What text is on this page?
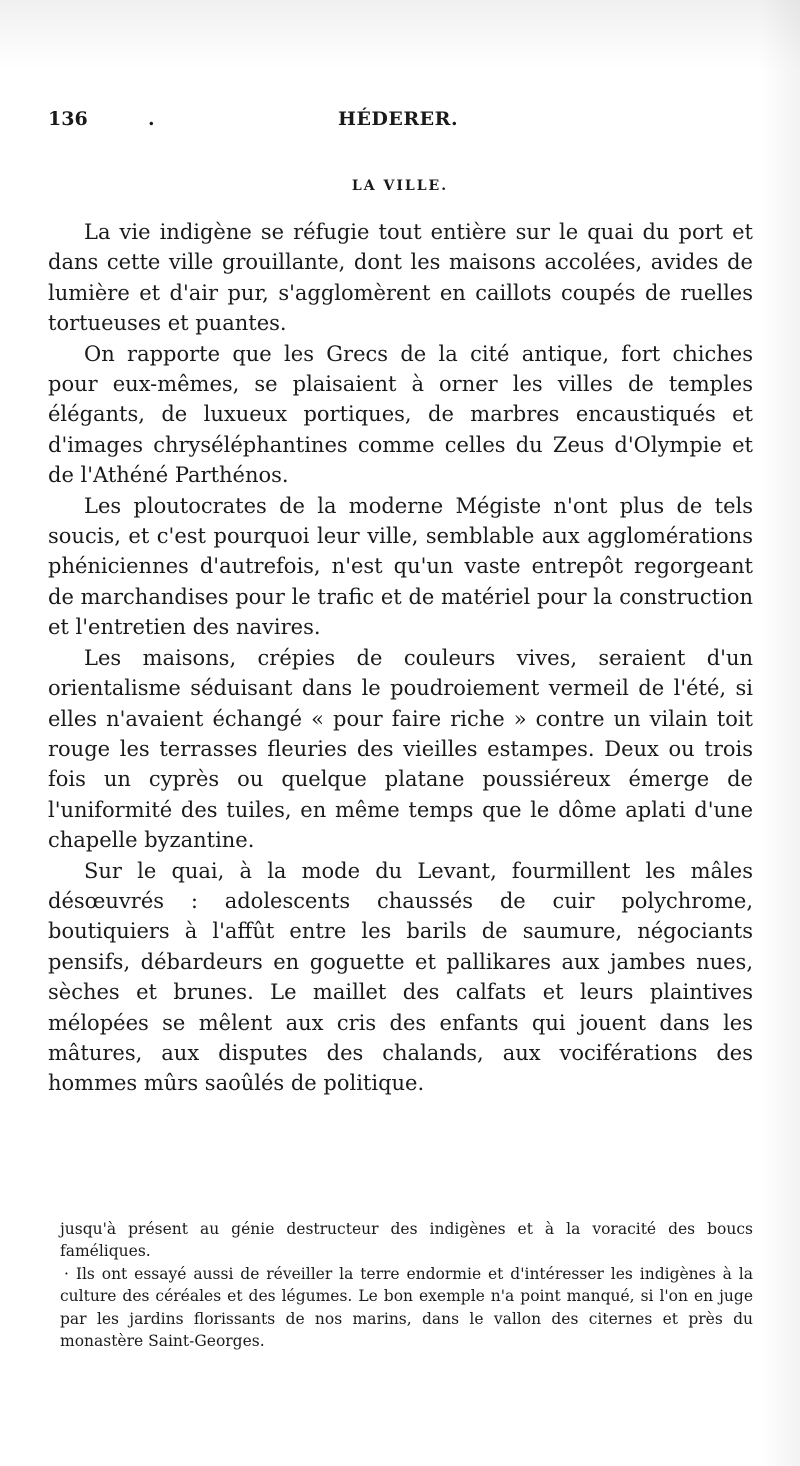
136	.	HÉDERER.
LA VILLE.

La vie indigène se réfugie tout entière sur le quai du port et dans cette ville grouillante, dont les maisons accolées, avides de lumière et d'air pur, s'agglomèrent en caillots coupés de ruelles tortueuses et puantes.

On rapporte que les Grecs de la cité antique, fort chiches pour eux-mêmes, se plaisaient à orner les villes de temples élégants, de luxueux portiques, de marbres encaustiqués et d'images chryséléphantines comme celles du Zeus d'Olympie et de l'Athéné Parthénos.

Les ploutocrates de la moderne Mégiste n'ont plus de tels soucis, et c'est pourquoi leur ville, semblable aux agglomérations phéniciennes d'autrefois, n'est qu'un vaste entrepôt regorgeant de marchandises pour le trafic et de matériel pour la construction et l'entretien des navires.

Les maisons, crépies de couleurs vives, seraient d'un orientalisme séduisant dans le poudroiement vermeil de l'été, si elles n'avaient échangé « pour faire riche » contre un vilain toit rouge les terrasses fleuries des vieilles estampes. Deux ou trois fois un cyprès ou quelque platane poussiéreux émerge de l'uniformité des tuiles, en même temps que le dôme aplati d'une chapelle byzantine.

Sur le quai, à la mode du Levant, fourmillent les mâles désœuvrés : adolescents chaussés de cuir polychrome, boutiquiers à l'affût entre les barils de saumure, négociants pensifs, débardeurs en goguette et pallikares aux jambes nues, sèches et brunes. Le maillet des calfats et leurs plaintives mélopées se mêlent aux cris des enfants qui jouent dans les mâtures, aux disputes des chalands, aux vociférations des hommes mûrs saoûlés de politique.

jusqu'à présent au génie destructeur des indigènes et à la voracité des boucs faméliques.

· Ils ont essayé aussi de réveiller la terre endormie et d'intéresser les indigènes à la culture des céréales et des légumes. Le bon exemple n'a point manqué, si l'on en juge par les jardins florissants de nos marins, dans le vallon des citernes et près du monastère Saint-Georges.
